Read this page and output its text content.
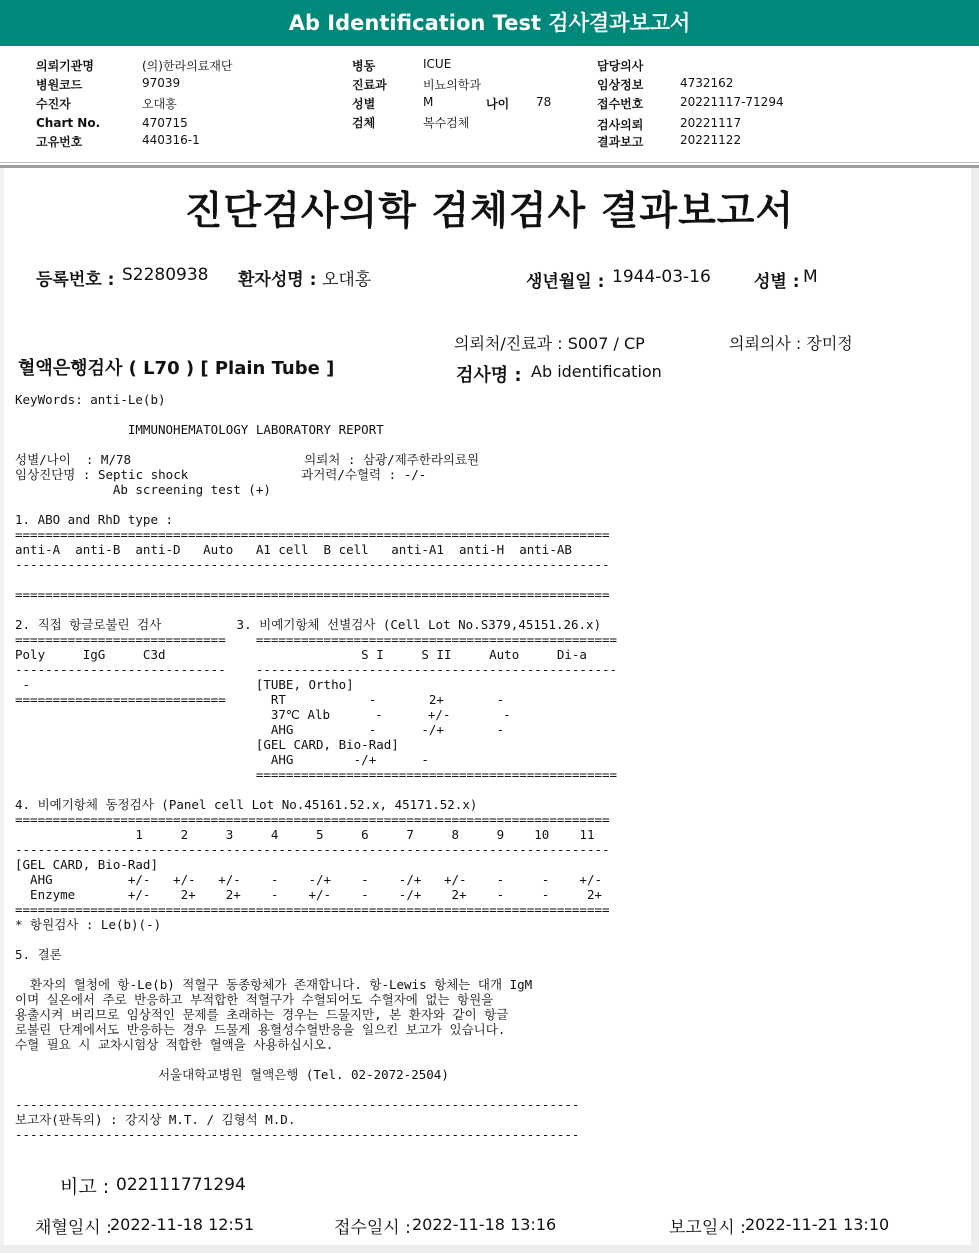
Ab Identification Test 검사결과보고서
의뢰기관명	(의)한라의료재단
병원코드	97039
수진자	오대홍
Chart No.	470715
고유번호	440316-1
병동	ICUE
진료과	비뇨의학과
성별	M	나이 78
검체	복수검체
담당의사
임상정보	4732162
접수번호	20221117-71294
검사의뢰	20221117
결과보고	20221122
진단검사의학 검체검사 결과보고서
등록번호 : S2280938 환자성명 : 오대홍	생년월일 : 1944-03-16	성별 : M
의뢰처/진료과 : S007 / CP	의뢰의사 : 장미정
혈액은행검사 ( L70 ) [ Plain Tube ]	검사명 : Ab identification
KeyWords: anti-Le(b)
IMMUNOHEMATOLOGY LABORATORY REPORT
성별/나이  : M/78                       의뢰처 : 삼광/제주한라의료원
임상진단명 : Septic shock               과거력/수혈력 : -/-
Ab screening test (+)
1. ABO and RhD type :
===============================================================================
anti-A  anti-B  anti-D   Auto   A1 cell  B cell   anti-A1  anti-H  anti-AB
-------------------------------------------------------------------------------
===============================================================================
2. 직접 항글로불린 검사          3. 비예기항체 선별검사 (Cell Lot No.S379,45151.26.x)
============================    ================================================
Poly     IgG     C3d                          S I     S II     Auto     Di-a
----------------------------    ------------------------------------------------
-                              [TUBE, Ortho]
============================      RT           -       2+       -
37℃ Alb      -      +/-       -
AHG          -      -/+       -
[GEL CARD, Bio-Rad]
AHG        -/+      -
================================================
4. 비예기항체 동정검사 (Panel cell Lot No.45161.52.x, 45171.52.x)
===============================================================================
1     2     3     4     5     6     7     8     9    10    11
-------------------------------------------------------------------------------
[GEL CARD, Bio-Rad]
AHG          +/-   +/-   +/-    -    -/+    -    -/+   +/-    -     -    +/-
Enzyme       +/-    2+    2+    -    +/-    -    -/+    2+    -     -     2+
===============================================================================
* 항원검사 : Le(b)(-)
5. 결론
환자의 혈청에 항-Le(b) 적혈구 동종항체가 존재합니다. 항-Lewis 항체는 대개 IgM
이며 실온에서 주로 반응하고 부적합한 적혈구가 수혈되어도 수혈자에 없는 항원을
용출시켜 버리므로 임상적인 문제를 초래하는 경우는 드물지만, 본 환자와 같이 항글
로불린 단계에서도 반응하는 경우 드물게 용혈성수혈반응을 일으킨 보고가 있습니다.
수혈 필요 시 교차시험상 적합한 혈액을 사용하십시오.
서울대학교병원 혈액은행 (Tel. 02-2072-2504)
---------------------------------------------------------------------------
보고자(판독의) : 강지상 M.T. / 김형석 M.D.
---------------------------------------------------------------------------
비고 : 022111771294
채혈일시 :
2022-11-18 12:51	접수일시 : 2022-11-18 13:16	보고일시 : 2022-11-21 13:10
